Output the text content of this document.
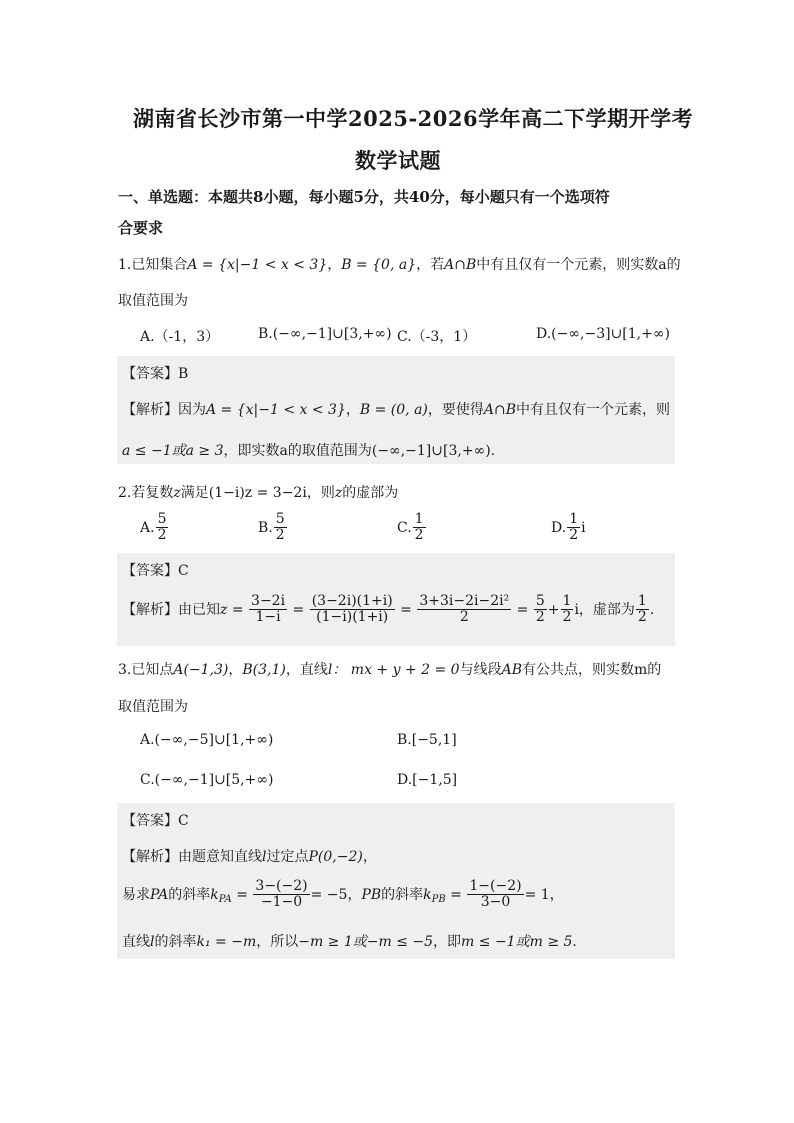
湖南省长沙市第一中学2025-2026学年高二下学期开学考
数学试题
一、单选题：本题共8小题，每小题5分，共40分，每小题只有一个选项符
合要求
1.已知集合A = {x|−1 < x < 3}，B = {0, a}，若A∩B中有且仅有一个元素，则实数a的
取值范围为
A.（-1，3）	B.(−∞,−1]∪[3,+∞) C.（-3，1）	D.(−∞,−3]∪[1,+∞)
【答案】B
【解析】因为A = {x|−1 < x < 3}，B = (0, a)，要使得A∩B中有且仅有一个元素，则
a ≤ −1或a ≥ 3，即实数a的取值范围为(−∞,−1]∪[3,+∞).
2.若复数z满足(1−i)z = 3−2i，则z的虚部为
A. $\frac{5}{2}$	B. $\frac{5}{2}$	C. $\frac{1}{2}$	D. $\frac{1}{2}$ i
【答案】C
【解析】由已知$z = \frac{3-2i}{1-i} = \frac{(3-2i)(1+i)}{(1-i)(1+i)} = \frac{\text{3+3i−2i−2i²}}{2} = \frac{5}{2} + \frac{1}{2}$ i，虚部为 $\frac{1}{2}$ .
3.已知点A(−1,3)，B(3,1)，直线l： mx + y + 2 = 0与线段AB有公共点，则实数m的
取值范围为
A.(−∞,−5]∪[1,+∞)	B.[−5,1]
C.(−∞,−1]∪[5,+∞)	D.[−1,5]
【答案】C
【解析】由题意知直线l过定点P(0,−2)，
易求PA的斜率$k_{PA} = \frac{3-(-2)}{-1-0} = -5$，PB的斜率$k_{PB} = \frac{1-(-2)}{3-0} = 1$，
直线l的斜率k₁ = −m，所以−m ≥ 1或−m ≤ −5，即m ≤ −1或m ≥ 5.
